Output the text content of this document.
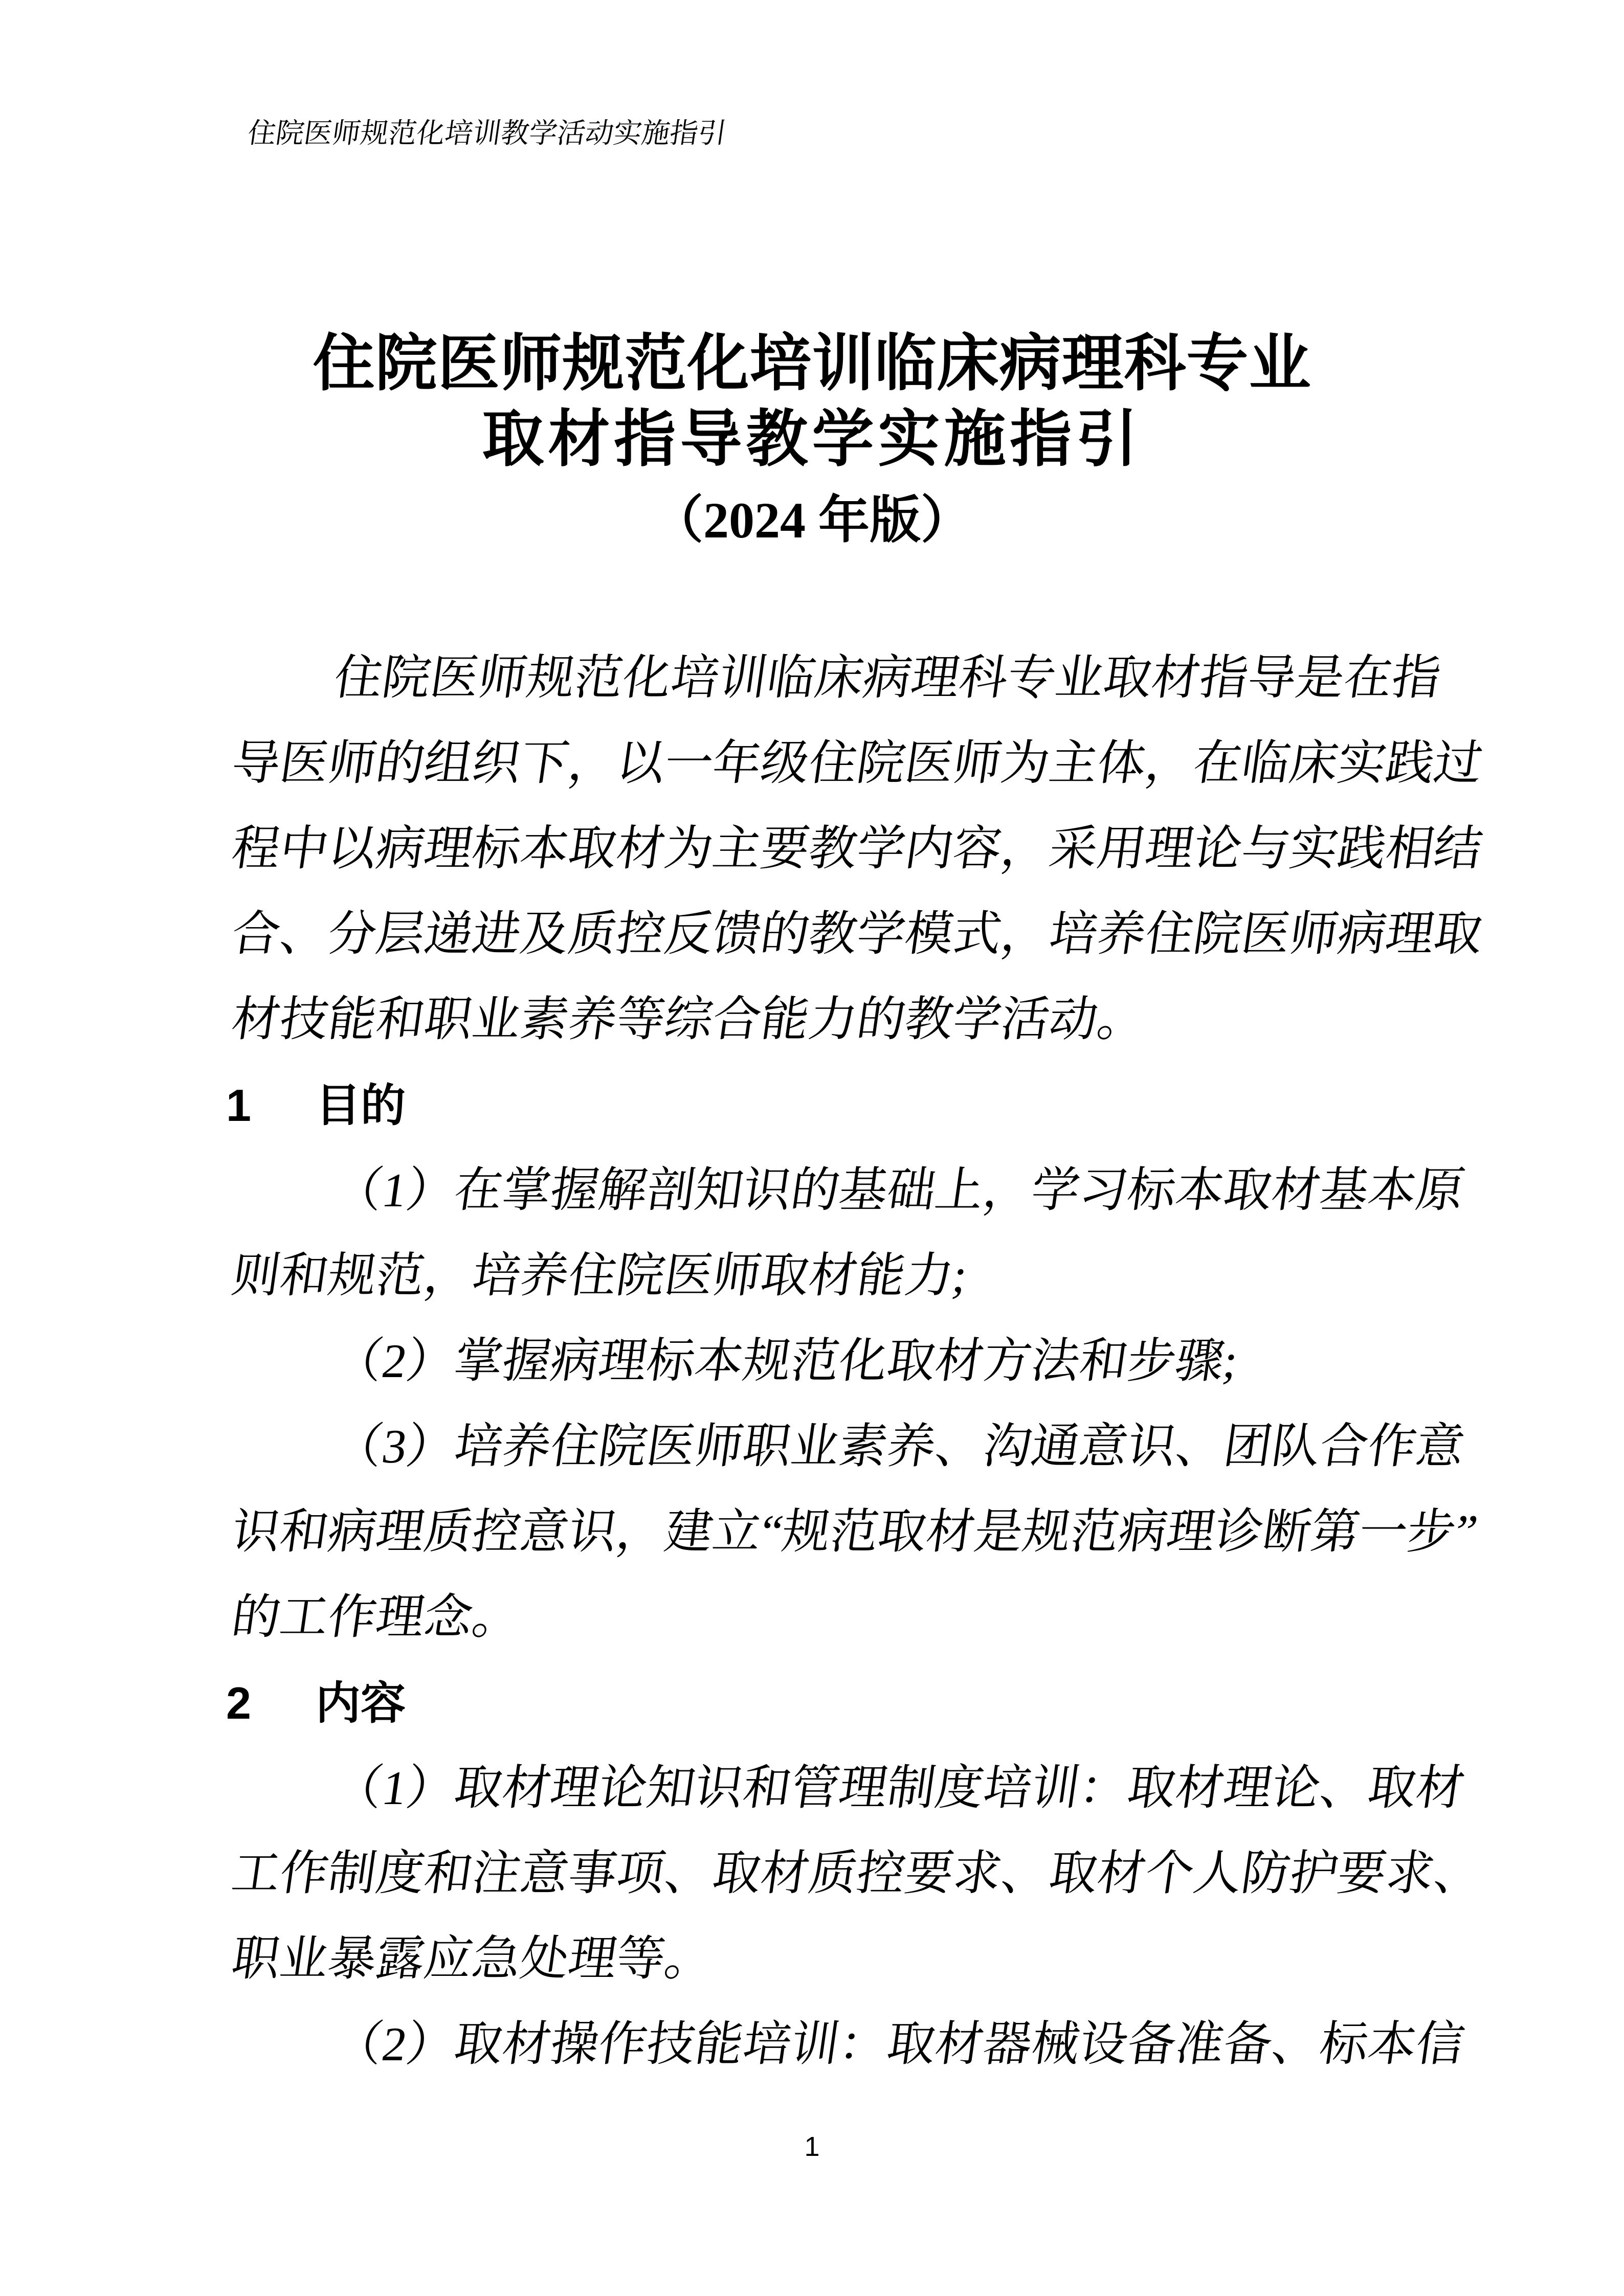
住院医师规范化培训教学活动实施指引
住院医师规范化培训临床病理科专业
取材指导教学实施指引
（2024 年版）
住院医师规范化培训临床病理科专业取材指导是在指
导医师的组织下，以一年级住院医师为主体，在临床实践过
程中以病理标本取材为主要教学内容，采用理论与实践相结
合、分层递进及质控反馈的教学模式，培养住院医师病理取
材技能和职业素养等综合能力的教学活动。
1 目的
（1）在掌握解剖知识的基础上，学习标本取材基本原
则和规范，培养住院医师取材能力;
（2）掌握病理标本规范化取材方法和步骤;
（3）培养住院医师职业素养、沟通意识、团队合作意
识和病理质控意识，建立“规范取材是规范病理诊断第一步”
的工作理念。
2 内容
（1）取材理论知识和管理制度培训：取材理论、取材
工作制度和注意事项、取材质控要求、取材个人防护要求、
职业暴露应急处理等。
（2）取材操作技能培训：取材器械设备准备、标本信
1
